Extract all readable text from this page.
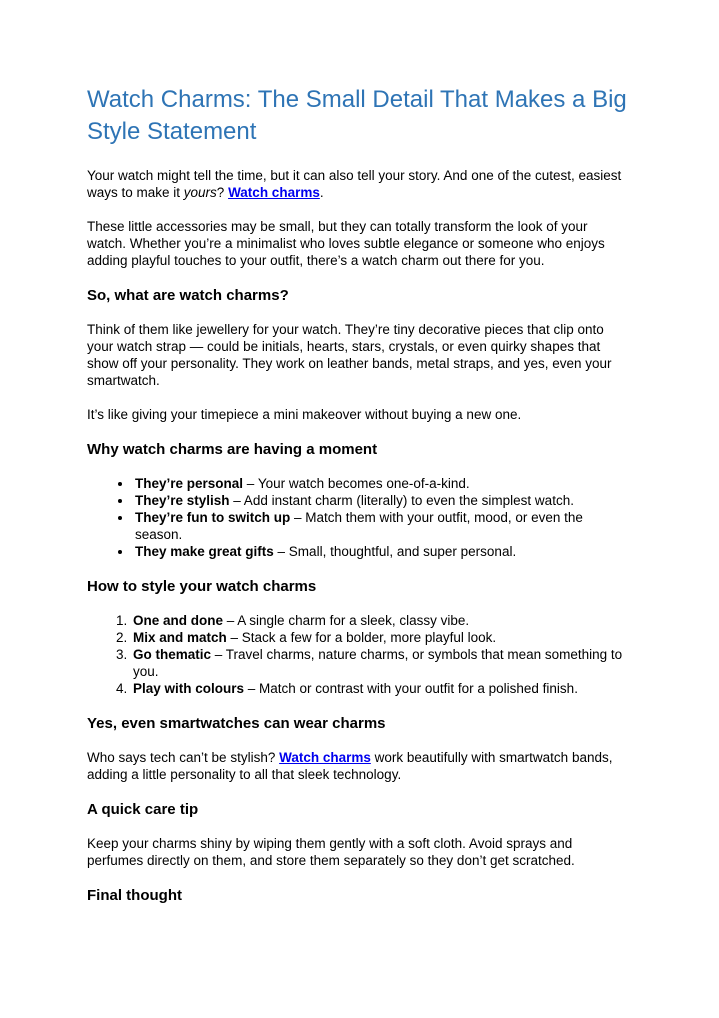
Watch Charms: The Small Detail That Makes a Big Style Statement

Your watch might tell the time, but it can also tell your story. And one of the cutest, easiest ways to make it yours? Watch charms.

These little accessories may be small, but they can totally transform the look of your watch. Whether you’re a minimalist who loves subtle elegance or someone who enjoys adding playful touches to your outfit, there’s a watch charm out there for you.

So, what are watch charms?

Think of them like jewellery for your watch. They’re tiny decorative pieces that clip onto your watch strap — could be initials, hearts, stars, crystals, or even quirky shapes that show off your personality. They work on leather bands, metal straps, and yes, even your smartwatch.

It’s like giving your timepiece a mini makeover without buying a new one.

Why watch charms are having a moment
• They’re personal – Your watch becomes one-of-a-kind.
• They’re stylish – Add instant charm (literally) to even the simplest watch.
• They’re fun to switch up – Match them with your outfit, mood, or even the season.
• They make great gifts – Small, thoughtful, and super personal.
How to style your watch charms
1. One and done – A single charm for a sleek, classy vibe.
2. Mix and match – Stack a few for a bolder, more playful look.
3. Go thematic – Travel charms, nature charms, or symbols that mean something to you.
4. Play with colours – Match or contrast with your outfit for a polished finish.
Yes, even smartwatches can wear charms

Who says tech can’t be stylish? Watch charms work beautifully with smartwatch bands, adding a little personality to all that sleek technology.

A quick care tip

Keep your charms shiny by wiping them gently with a soft cloth. Avoid sprays and perfumes directly on them, and store them separately so they don’t get scratched.

Final thought
